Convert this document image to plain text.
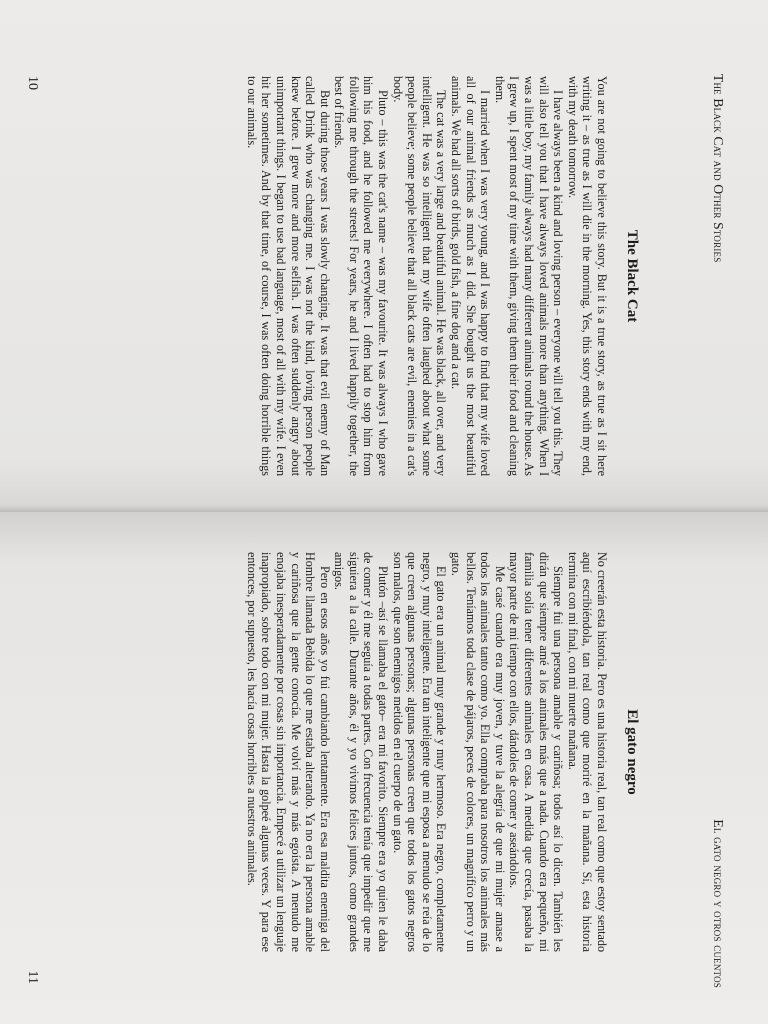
The Black Cat and Other Stories
The Black Cat

You are not going to believe this story. But it is a true story, as true as I sit here writing it – as true as I will die in the morning. Yes, this story ends with my end, with my death tomorrow.

I have always been a kind and loving person – everyone will tell you this. They will also tell you that I have always loved animals more than anything. When I was a little boy, my family always had many different animals round the house. As I grew up, I spent most of my time with them, giving them their food and cleaning them.

I married when I was very young, and I was happy to find that my wife loved all of our animal friends as much as I did. She bought us the most beautiful animals. We had all sorts of birds, gold fish, a fine dog and a cat.

The cat was a very large and beautiful animal. He was black, all over, and very intelligent. He was so intelligent that my wife often laughed about what some people believe; some people believe that all black cats are evil, enemies in a cat's body.

Pluto – this was the cat's name – was my favourite. It was always I who gave him his food, and he followed me everywhere. I often had to stop him from following me through the streets! For years, he and I lived happily together, the best of friends.

But during those years I was slowly changing. It was that evil enemy of Man called Drink who was changing me. I was not the kind, loving person people knew before. I grew more and more selfish. I was often suddenly angry about unimportant things. I began to use bad language, most of all with my wife. I even hit her sometimes. And by that time, of course, I was often doing horrible things to our animals.

10
El gato negro y otros cuentos
El gato negro

No creerán esta historia. Pero es una historia real, tan real como que estoy sentado aquí escribiéndola, tan real como que moriré en la mañana. Sí, esta historia termina con mi final, con mi muerte mañana.

Siempre fui una persona amable y cariñosa; todos así lo dicen. También les dirán que siempre amé a los animales más que a nada. Cuando era pequeño, mi familia solía tener diferentes animales en casa. A medida que crecía, pasaba la mayor parte de mi tiempo con ellos, dándoles de comer y aseándolos.

Me casé cuando era muy joven, y tuve la alegría de que mi mujer amase a todos los animales tanto como yo. Ella compraba para nosotros los animales más bellos. Teníamos toda clase de pájaros, peces de colores, un magnífico perro y un gato.

El gato era un animal muy grande y muy hermoso. Era negro, completamente negro, y muy inteligente. Era tan inteligente que mi esposa a menudo se reía de lo que creen algunas personas; algunas personas creen que todos los gatos negros son malos, que son enemigos metidos en el cuerpo de un gato.

Plutón –así se llamaba el gato– era mi favorito. Siempre era yo quien le daba de comer y él me seguía a todas partes. Con frecuencia tenía que impedir que me siguiera a la calle. Durante años, él y yo vivimos felices juntos, como grandes amigos.

Pero en esos años yo fui cambiando lentamente. Era esa maldita enemiga del Hombre llamada Bebida lo que me estaba alterando. Ya no era la persona amable y cariñosa que la gente conocía. Me volví más y más egoísta. A menudo me enojaba inesperadamente por cosas sin importancia. Empecé a utilizar un lenguaje inapropiado, sobre todo con mi mujer. Hasta la golpeé algunas veces. Y para ese entonces, por supuesto, les hacía cosas horribles a nuestros animales.

11
